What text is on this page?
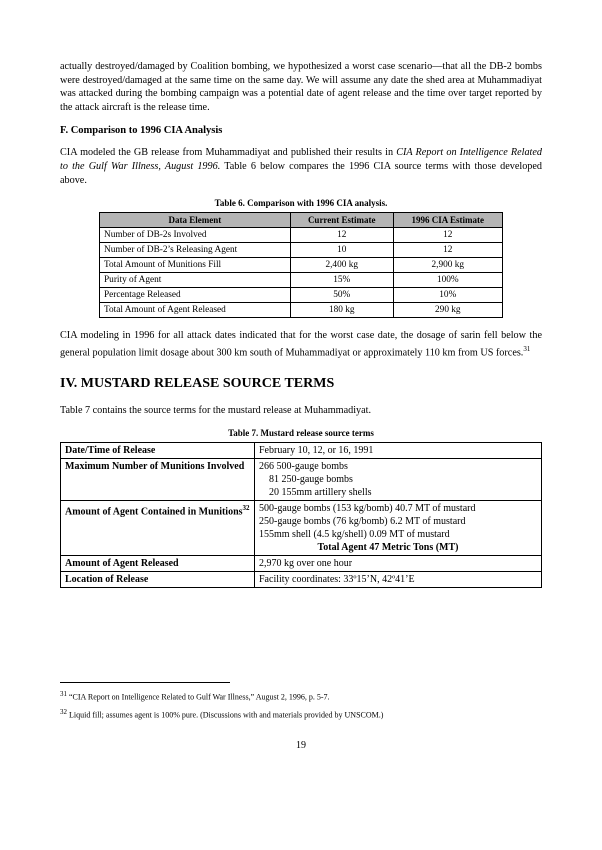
actually destroyed/damaged by Coalition bombing, we hypothesized a worst case scenario—that all the DB-2 bombs were destroyed/damaged at the same time on the same day. We will assume any date the shed area at Muhammadiyat was attacked during the bombing campaign was a potential date of agent release and the time over target reported by the attack aircraft is the release time.

F. Comparison to 1996 CIA Analysis

CIA modeled the GB release from Muhammadiyat and published their results in CIA Report on Intelligence Related to the Gulf War Illness, August 1996. Table 6 below compares the 1996 CIA source terms with those developed above.

Table 6. Comparison with 1996 CIA analysis.

Data Element	Current Estimate	1996 CIA Estimate
Number of DB-2s Involved	12	12
Number of DB-2’s Releasing Agent	10	12
Total Amount of Munitions Fill	2,400 kg	2,900 kg
Purity of Agent	15%	100%
Percentage Released	50%	10%
Total Amount of Agent Released	180 kg	290 kg

CIA modeling in 1996 for all attack dates indicated that for the worst case date, the dosage of sarin fell below the general population limit dosage about 300 km south of Muhammadiyat or approximately 110 km from US forces.$^{31}$

IV. MUSTARD RELEASE SOURCE TERMS

Table 7 contains the source terms for the mustard release at Muhammadiyat.

Table 7. Mustard release source terms

Date/Time of Release	February 10, 12, or 16, 1991

Maximum Number of Munitions Involved	266 500-gauge bombs
81 250-gauge bombs
20 155mm artillery shells

Amount of Agent Contained in Munitions$^{32}$	500-gauge bombs (153 kg/bomb) 40.7 MT of mustard
250-gauge bombs (76 kg/bomb) 6.2 MT of mustard
155mm shell (4.5 kg/shell) 0.09 MT of mustard
Total Agent 47 Metric Tons (MT)

Amount of Agent Released	2,970 kg over one hour

Location of Release	Facility coordinates: 33º15’N, 42º41’E
31 “CIA Report on Intelligence Related to Gulf War Illness,” August 2, 1996, p. 5-7.
32 Liquid fill; assumes agent is 100% pure. (Discussions with and materials provided by UNSCOM.)
19
